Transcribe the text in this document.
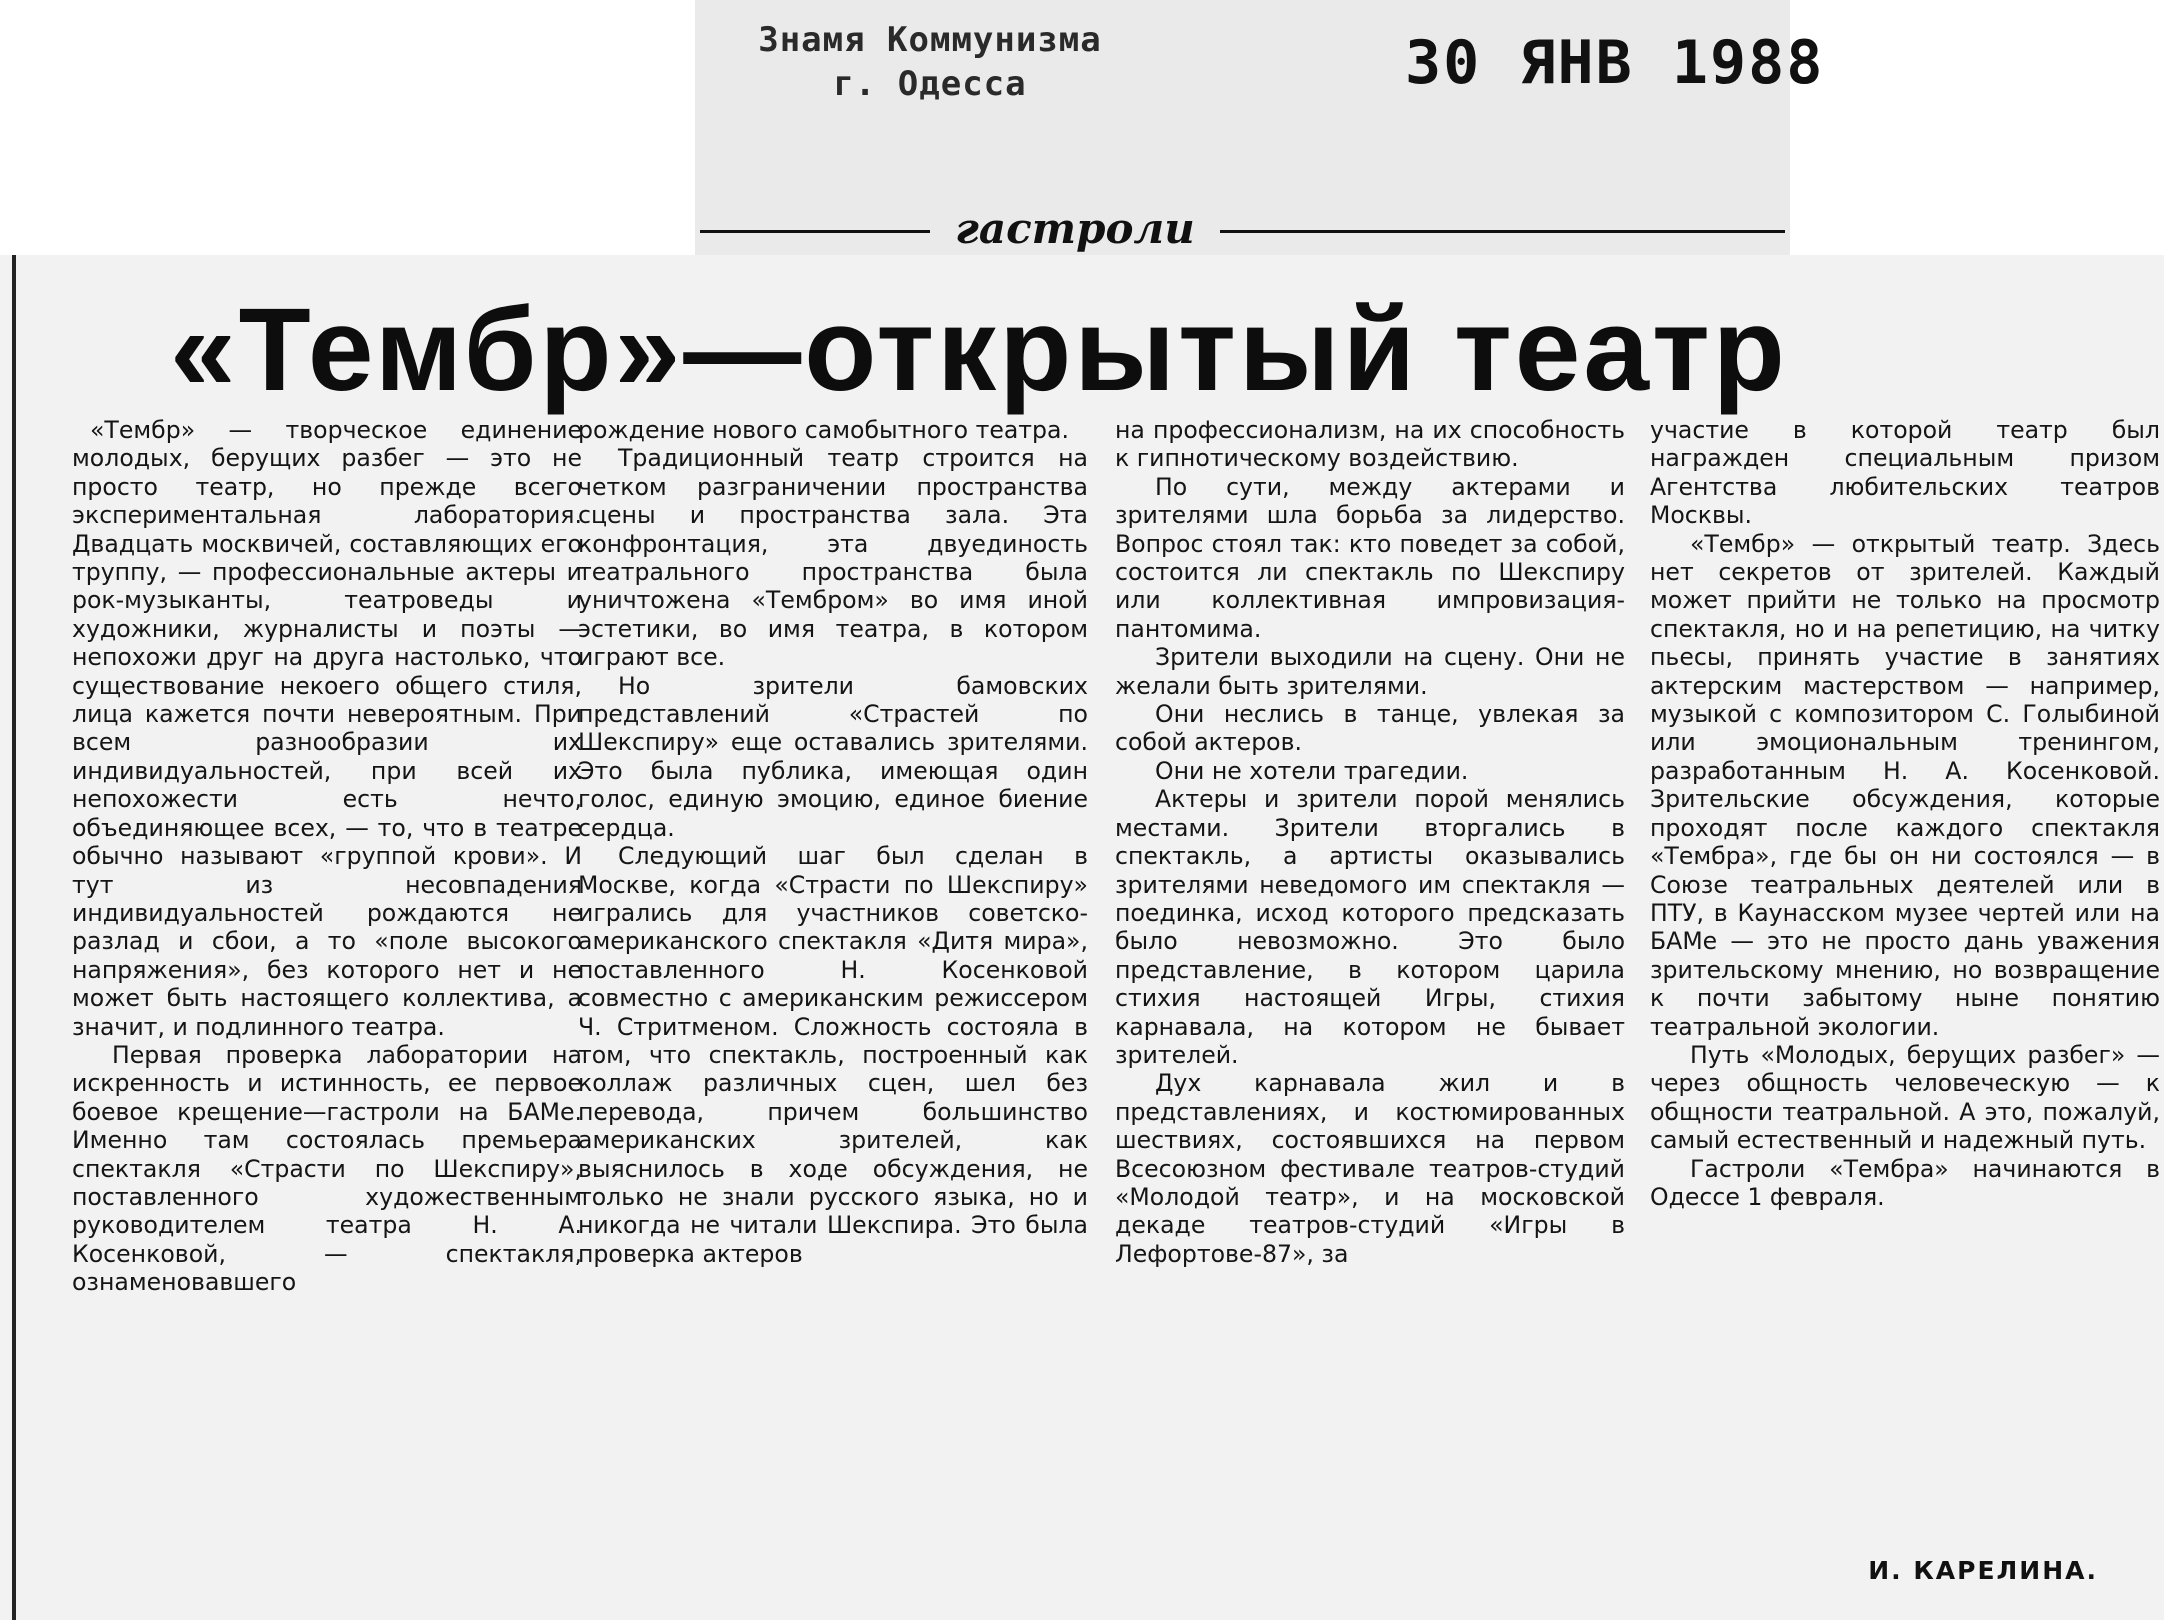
Знамя Коммунизма
г. Одесса	30 ЯНВ 1988
гастроли
«Тембр»—открытый театр

«Тембр» — творческое единение молодых, берущих разбег — это не просто театр, но прежде всего экспериментальная лаборатория. Двадцать москвичей, составляющих его труппу, — профессиональные актеры и рок-музыканты, театроведы и художники, журналисты и поэты — непохожи друг на друга настолько, что существование некоего общего стиля, лица кажется почти невероятным. При всем разнообразии их индивидуальностей, при всей их непохожести есть нечто, объединяющее всех, — то, что в театре обычно называют «группой крови». И тут из несовпадения индивидуальностей рождаются не разлад и сбои, а то «поле высокого напряжения», без которого нет и не может быть настоящего коллектива, а значит, и подлинного театра.

Первая проверка лаборатории на искренность и истинность, ее первое боевое крещение—гастроли на БАМе. Именно там состоялась премьера спектакля «Страсти по Шекспиру», поставленного художественным руководителем театра Н. А. Косенковой, — спектакля, ознаменовавшего

рождение нового самобытного театра.

Традиционный театр строится на четком разграничении пространства сцены и пространства зала. Эта конфронтация, эта двуединость театрального пространства была уничтожена «Тембром» во имя иной эстетики, во имя театра, в котором играют все.

Но зрители бамовских представлений «Страстей по Шекспиру» еще оставались зрителями. Это была публика, имеющая один голос, единую эмоцию, единое биение сердца.

Следующий шаг был сделан в Москве, когда «Страсти по Шекспиру» игрались для участников советско-американского спектакля «Дитя мира», поставленного Н. Косенковой совместно с американским режиссером Ч. Стритменом. Сложность состояла в том, что спектакль, построенный как коллаж различных сцен, шел без перевода, причем большинство американских зрителей, как выяснилось в ходе обсуждения, не только не знали русского языка, но и никогда не читали Шекспира. Это была проверка актеров

на профессионализм, на их способность к гипнотическому воздействию.

По сути, между актерами и зрителями шла борьба за лидерство. Вопрос стоял так: кто поведет за собой, состоится ли спектакль по Шекспиру или коллективная импровизация-пантомима.

Зрители выходили на сцену. Они не желали быть зрителями.

Они неслись в танце, увлекая за собой актеров.

Они не хотели трагедии.

Актеры и зрители порой менялись местами. Зрители вторгались в спектакль, а артисты оказывались зрителями неведомого им спектакля — поединка, исход которого предсказать было невозможно. Это было представление, в котором царила стихия настоящей Игры, стихия карнавала, на котором не бывает зрителей.

Дух карнавала жил и в представлениях, и костюмированных шествиях, состоявшихся на первом Всесоюзном фестивале театров-студий «Молодой театр», и на московской декаде театров-студий «Игры в Лефортове-87», за

участие в которой театр был награжден специальным призом Агентства любительских театров Москвы.

«Тембр» — открытый театр. Здесь нет секретов от зрителей. Каждый может прийти не только на просмотр спектакля, но и на репетицию, на читку пьесы, принять участие в занятиях актерским мастерством — например, музыкой с композитором С. Голыбиной или эмоциональным тренингом, разработанным Н. А. Косенковой. Зрительские обсуждения, которые проходят после каждого спектакля «Тембра», где бы он ни состоялся — в Союзе театральных деятелей или в ПТУ, в Каунасском музее чертей или на БАМе — это не просто дань уважения зрительскому мнению, но возвращение к почти забытому ныне понятию театральной экологии.

Путь «Молодых, берущих разбег» — через общность человеческую — к общности театральной. А это, пожалуй, самый естественный и надежный путь.

Гастроли «Тембра» начинаются в Одессе 1 февраля.

И. КАРЕЛИНА.
